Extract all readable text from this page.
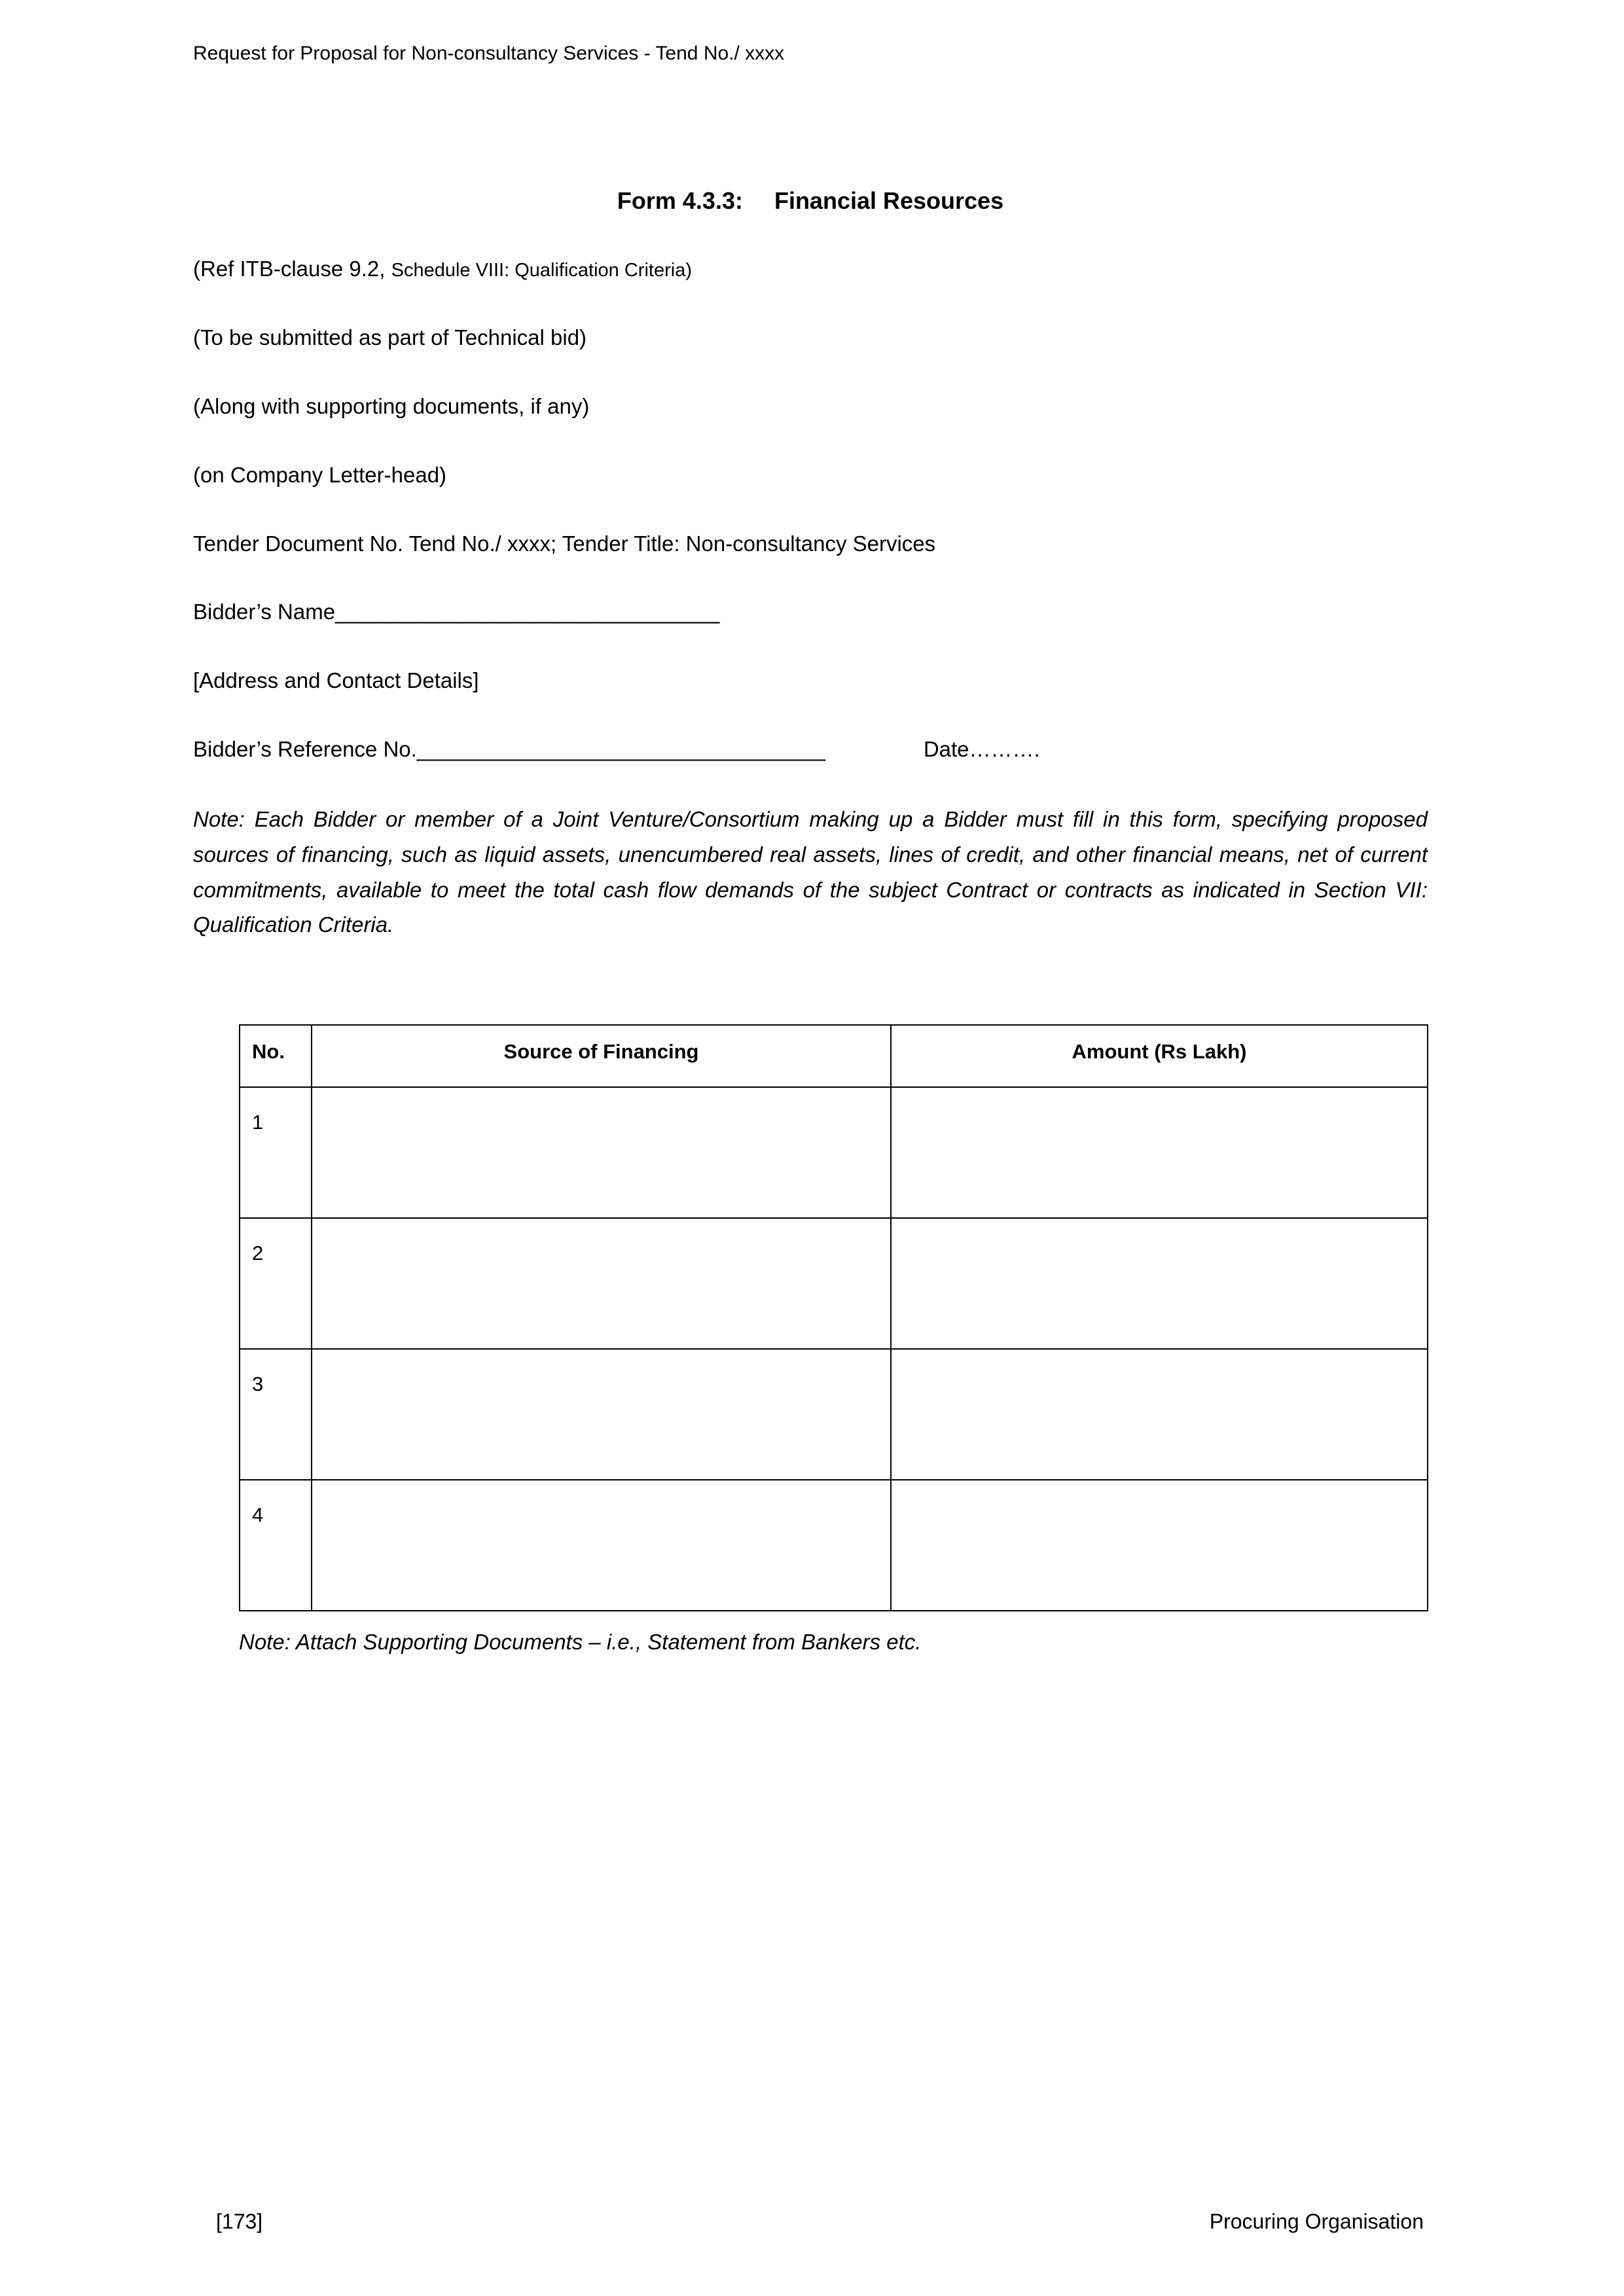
Request for Proposal for Non-consultancy Services - Tend No./ xxxx
Form 4.3.3: Financial Resources

(Ref ITB-clause 9.2, Schedule VIII: Qualification Criteria)

(To be submitted as part of Technical bid)

(Along with supporting documents, if any)

(on Company Letter-head)

Tender Document No. Tend No./ xxxx; Tender Title: Non-consultancy Services

Bidder’s Name________________________________

[Address and Contact Details]

Bidder’s Reference No.__________________________________	Date……….

Note: Each Bidder or member of a Joint Venture/Consortium making up a Bidder must fill in this form, specifying proposed sources of financing, such as liquid assets, unencumbered real assets, lines of credit, and other financial means, net of current commitments, available to meet the total cash flow demands of the subject Contract or contracts as indicated in Section VII: Qualification Criteria.

No.	Source of Financing	Amount (Rs Lakh)
1		
2		
3		
4		

Note: Attach Supporting Documents – i.e., Statement from Bankers etc.

[173]	Procuring Organisation
